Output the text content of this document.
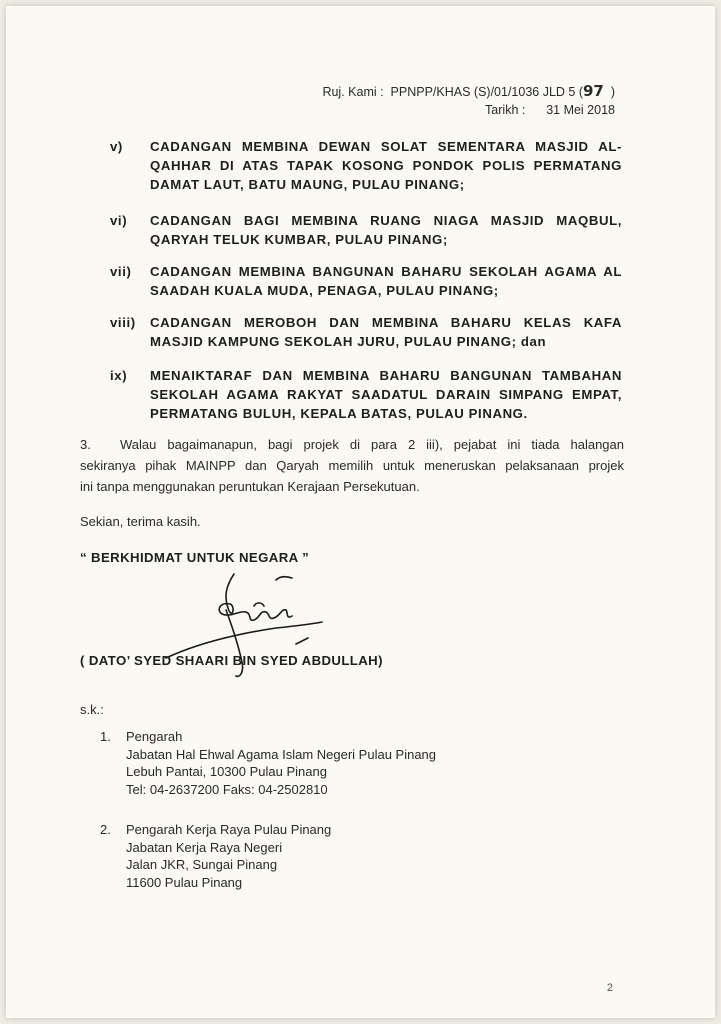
Ruj. Kami : PPNPP/KHAS (S)/01/1036 JLD 5 (97 )
Tarikh : 31 Mei 2018
v)	CADANGAN MEMBINA DEWAN SOLAT SEMENTARA MASJID AL-QAHHAR DI ATAS TAPAK KOSONG PONDOK POLIS PERMATANG DAMAT LAUT, BATU MAUNG, PULAU PINANG;
vi)	CADANGAN BAGI MEMBINA RUANG NIAGA MASJID MAQBUL, QARYAH TELUK KUMBAR, PULAU PINANG;
vii)	CADANGAN MEMBINA BANGUNAN BAHARU SEKOLAH AGAMA AL SAADAH KUALA MUDA, PENAGA, PULAU PINANG;
viii)	CADANGAN MEROBOH DAN MEMBINA BAHARU KELAS KAFA MASJID KAMPUNG SEKOLAH JURU, PULAU PINANG; dan
ix)	MENAIKTARAF DAN MEMBINA BAHARU BANGUNAN TAMBAHAN SEKOLAH AGAMA RAKYAT SAADATUL DARAIN SIMPANG EMPAT, PERMATANG BULUH, KEPALA BATAS, PULAU PINANG.
3. Walau bagaimanapun, bagi projek di para 2 iii), pejabat ini tiada halangan
sekiranya pihak MAINPP dan Qaryah memilih untuk meneruskan pelaksanaan projek
ini tanpa menggunakan peruntukan Kerajaan Persekutuan.
Sekian, terima kasih.
“ BERKHIDMAT UNTUK NEGARA ”
( DATO’ SYED SHAARI BIN SYED ABDULLAH)
s.k.:
1.	Pengarah
Jabatan Hal Ehwal Agama Islam Negeri Pulau Pinang
Lebuh Pantai, 10300 Pulau Pinang
Tel: 04-2637200 Faks: 04-2502810
2.	Pengarah Kerja Raya Pulau Pinang
Jabatan Kerja Raya Negeri
Jalan JKR, Sungai Pinang
11600 Pulau Pinang
2
